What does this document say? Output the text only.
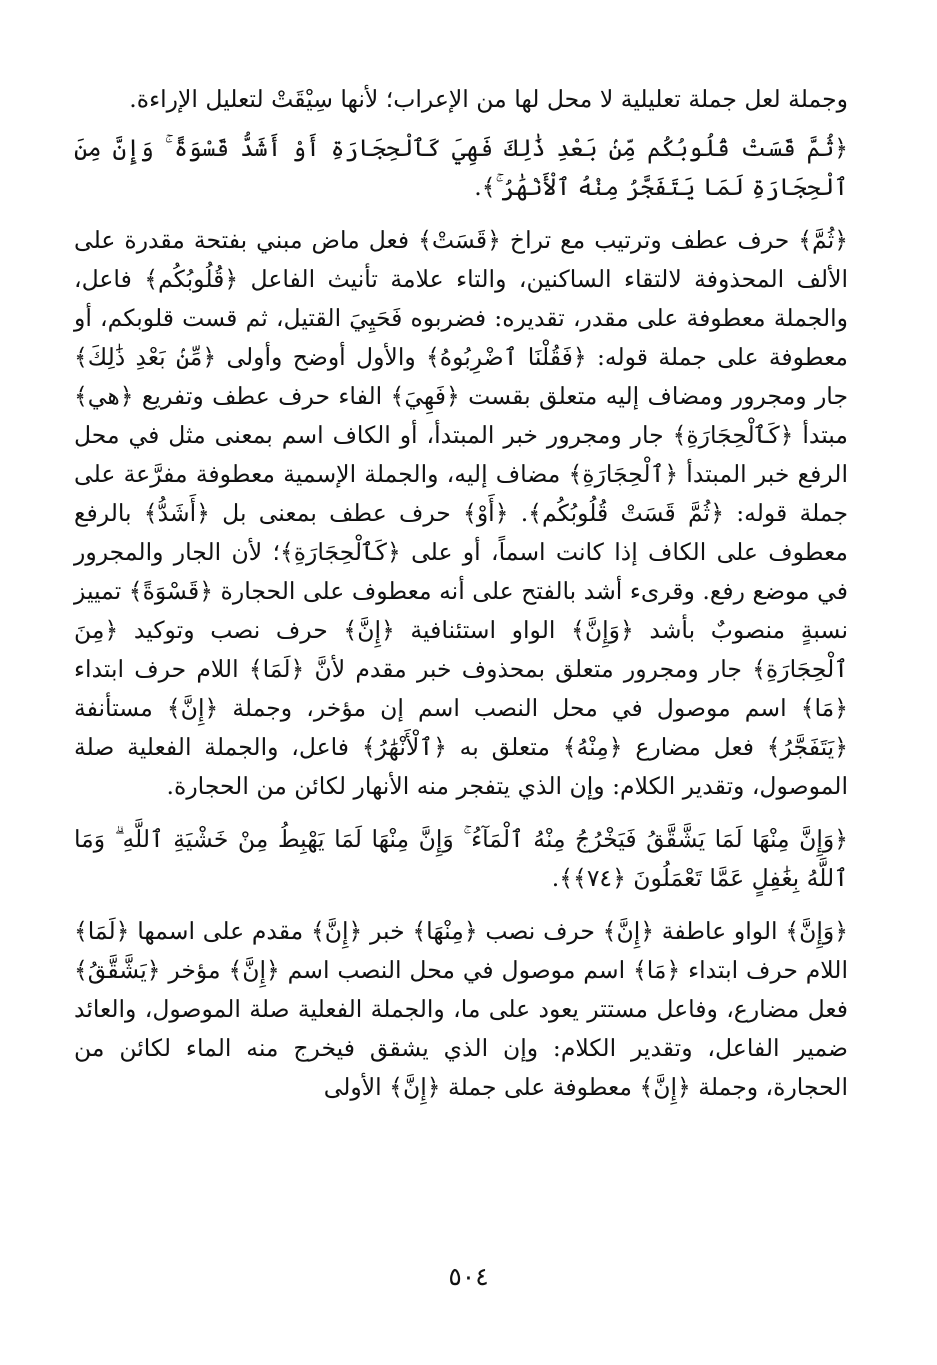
وجملة لعل جملة تعليلية لا محل لها من الإعراب؛ لأنها سِيْقَتْ لتعليل الإراءة.

﴿ثُمَّ قَسَتْ قُلُوبُكُم مِّنۢ بَعْدِ ذَٰلِكَ فَهِيَ كَٱلْحِجَارَةِ أَوْ أَشَدُّ قَسْوَةً ۚ وَإِنَّ مِنَ ٱلْحِجَارَةِ لَمَا يَتَفَجَّرُ مِنْهُ ٱلْأَنْهَٰرُ ۚ﴾.

﴿ثُمَّ﴾ حرف عطف وترتيب مع تراخ ﴿قَسَتْ﴾ فعل ماض مبني بفتحة مقدرة على الألف المحذوفة لالتقاء الساكنين، والتاء علامة تأنيث الفاعل ﴿قُلُوبُكُم﴾ فاعل، والجملة معطوفة على مقدر، تقديره: فضربوه فَحَيِيَ القتيل، ثم قست قلوبكم، أو معطوفة على جملة قوله: ﴿فَقُلْنَا ٱضْرِبُوهُ﴾ والأول أوضح وأولى ﴿مِّنۢ بَعْدِ ذَٰلِكَ﴾ جار ومجرور ومضاف إليه متعلق بقست ﴿فَهِيَ﴾ الفاء حرف عطف وتفريع ﴿هي﴾ مبتدأ ﴿كَٱلْحِجَارَةِ﴾ جار ومجرور خبر المبتدأ، أو الكاف اسم بمعنى مثل في محل الرفع خبر المبتدأ ﴿ٱلْحِجَارَةِ﴾ مضاف إليه، والجملة الإسمية معطوفة مفرَّعة على جملة قوله: ﴿ثُمَّ قَسَتْ قُلُوبُكُم﴾. ﴿أَوْ﴾ حرف عطف بمعنى بل ﴿أَشَدُّ﴾ بالرفع معطوف على الكاف إذا كانت اسماً، أو على ﴿كَٱلْحِجَارَةِ﴾؛ لأن الجار والمجرور في موضع رفع. وقرىء أشد بالفتح على أنه معطوف على الحجارة ﴿قَسْوَةً﴾ تمييز نسبةٍ منصوبٌ بأشد ﴿وَإِنَّ﴾ الواو استئنافية ﴿إِنَّ﴾ حرف نصب وتوكيد ﴿مِنَ ٱلْحِجَارَةِ﴾ جار ومجرور متعلق بمحذوف خبر مقدم لأنَّ ﴿لَمَا﴾ اللام حرف ابتداء ﴿مَا﴾ اسم موصول في محل النصب اسم إن مؤخر، وجملة ﴿إِنَّ﴾ مستأنفة ﴿يَتَفَجَّرُ﴾ فعل مضارع ﴿مِنْهُ﴾ متعلق به ﴿ٱلْأَنْهَٰرُ﴾ فاعل، والجملة الفعلية صلة الموصول، وتقدير الكلام: وإن الذي يتفجر منه الأنهار لكائن من الحجارة.

﴿وَإِنَّ مِنْهَا لَمَا يَشَّقَّقُ فَيَخْرُجُ مِنْهُ ٱلْمَآءُ ۚ وَإِنَّ مِنْهَا لَمَا يَهْبِطُ مِنْ خَشْيَةِ ٱللَّهِ ۗ وَمَا ٱللَّهُ بِغَٰفِلٍ عَمَّا تَعْمَلُونَ ﴿٧٤﴾﴾.

﴿وَإِنَّ﴾ الواو عاطفة ﴿إِنَّ﴾ حرف نصب ﴿مِنْهَا﴾ خبر ﴿إِنَّ﴾ مقدم على اسمها ﴿لَمَا﴾ اللام حرف ابتداء ﴿مَا﴾ اسم موصول في محل النصب اسم ﴿إِنَّ﴾ مؤخر ﴿يَشَّقَّقُ﴾ فعل مضارع، وفاعل مستتر يعود على ما، والجملة الفعلية صلة الموصول، والعائد ضمير الفاعل، وتقدير الكلام: وإن الذي يشقق فيخرج منه الماء لكائن من الحجارة، وجملة ﴿إِنَّ﴾ معطوفة على جملة ﴿إِنَّ﴾ الأولى

٥٠٤
